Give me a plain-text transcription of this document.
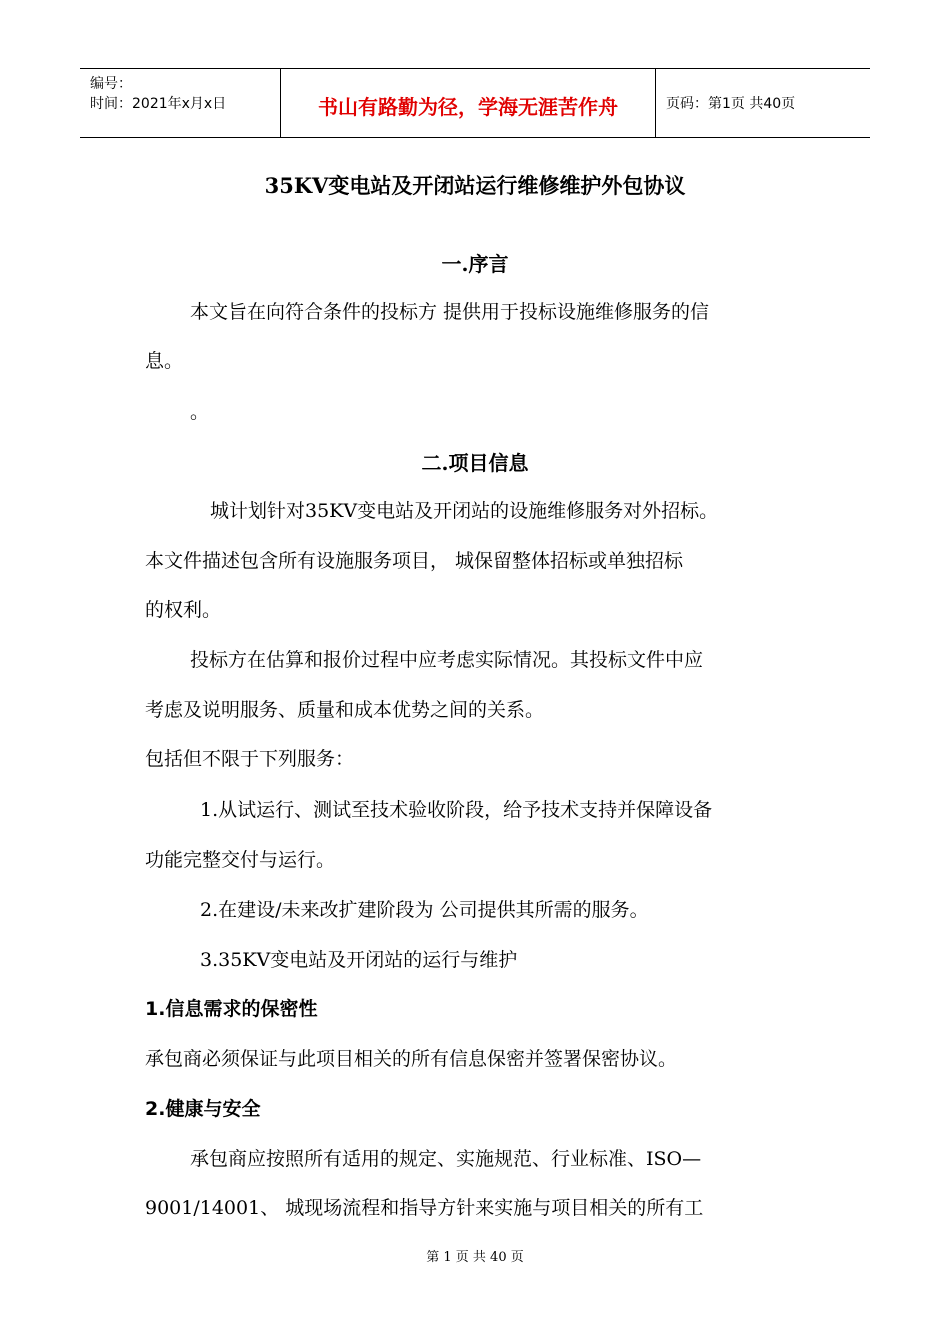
编号：
时间：2021年x月x日	书山有路勤为径，学海无涯苦作舟	页码：第1页 共40页
35KV变电站及开闭站运行维修维护外包协议
一.序言
本文旨在向符合条件的投标方 提供用于投标设施维修服务的信
息。
。
二.项目信息
城计划针对35KV变电站及开闭站的设施维修服务对外招标。
本文件描述包含所有设施服务项目， 城保留整体招标或单独招标
的权利。
投标方在估算和报价过程中应考虑实际情况。其投标文件中应
考虑及说明服务、质量和成本优势之间的关系。
包括但不限于下列服务：
1.从试运行、测试至技术验收阶段，给予技术支持并保障设备
功能完整交付与运行。
2.在建设/未来改扩建阶段为 公司提供其所需的服务。
3.35KV变电站及开闭站的运行与维护
1.信息需求的保密性
承包商必须保证与此项目相关的所有信息保密并签署保密协议。
2.健康与安全
承包商应按照所有适用的规定、实施规范、行业标准、ISO—
9001/14001、 城现场流程和指导方针来实施与项目相关的所有工
第 1 页 共 40 页
